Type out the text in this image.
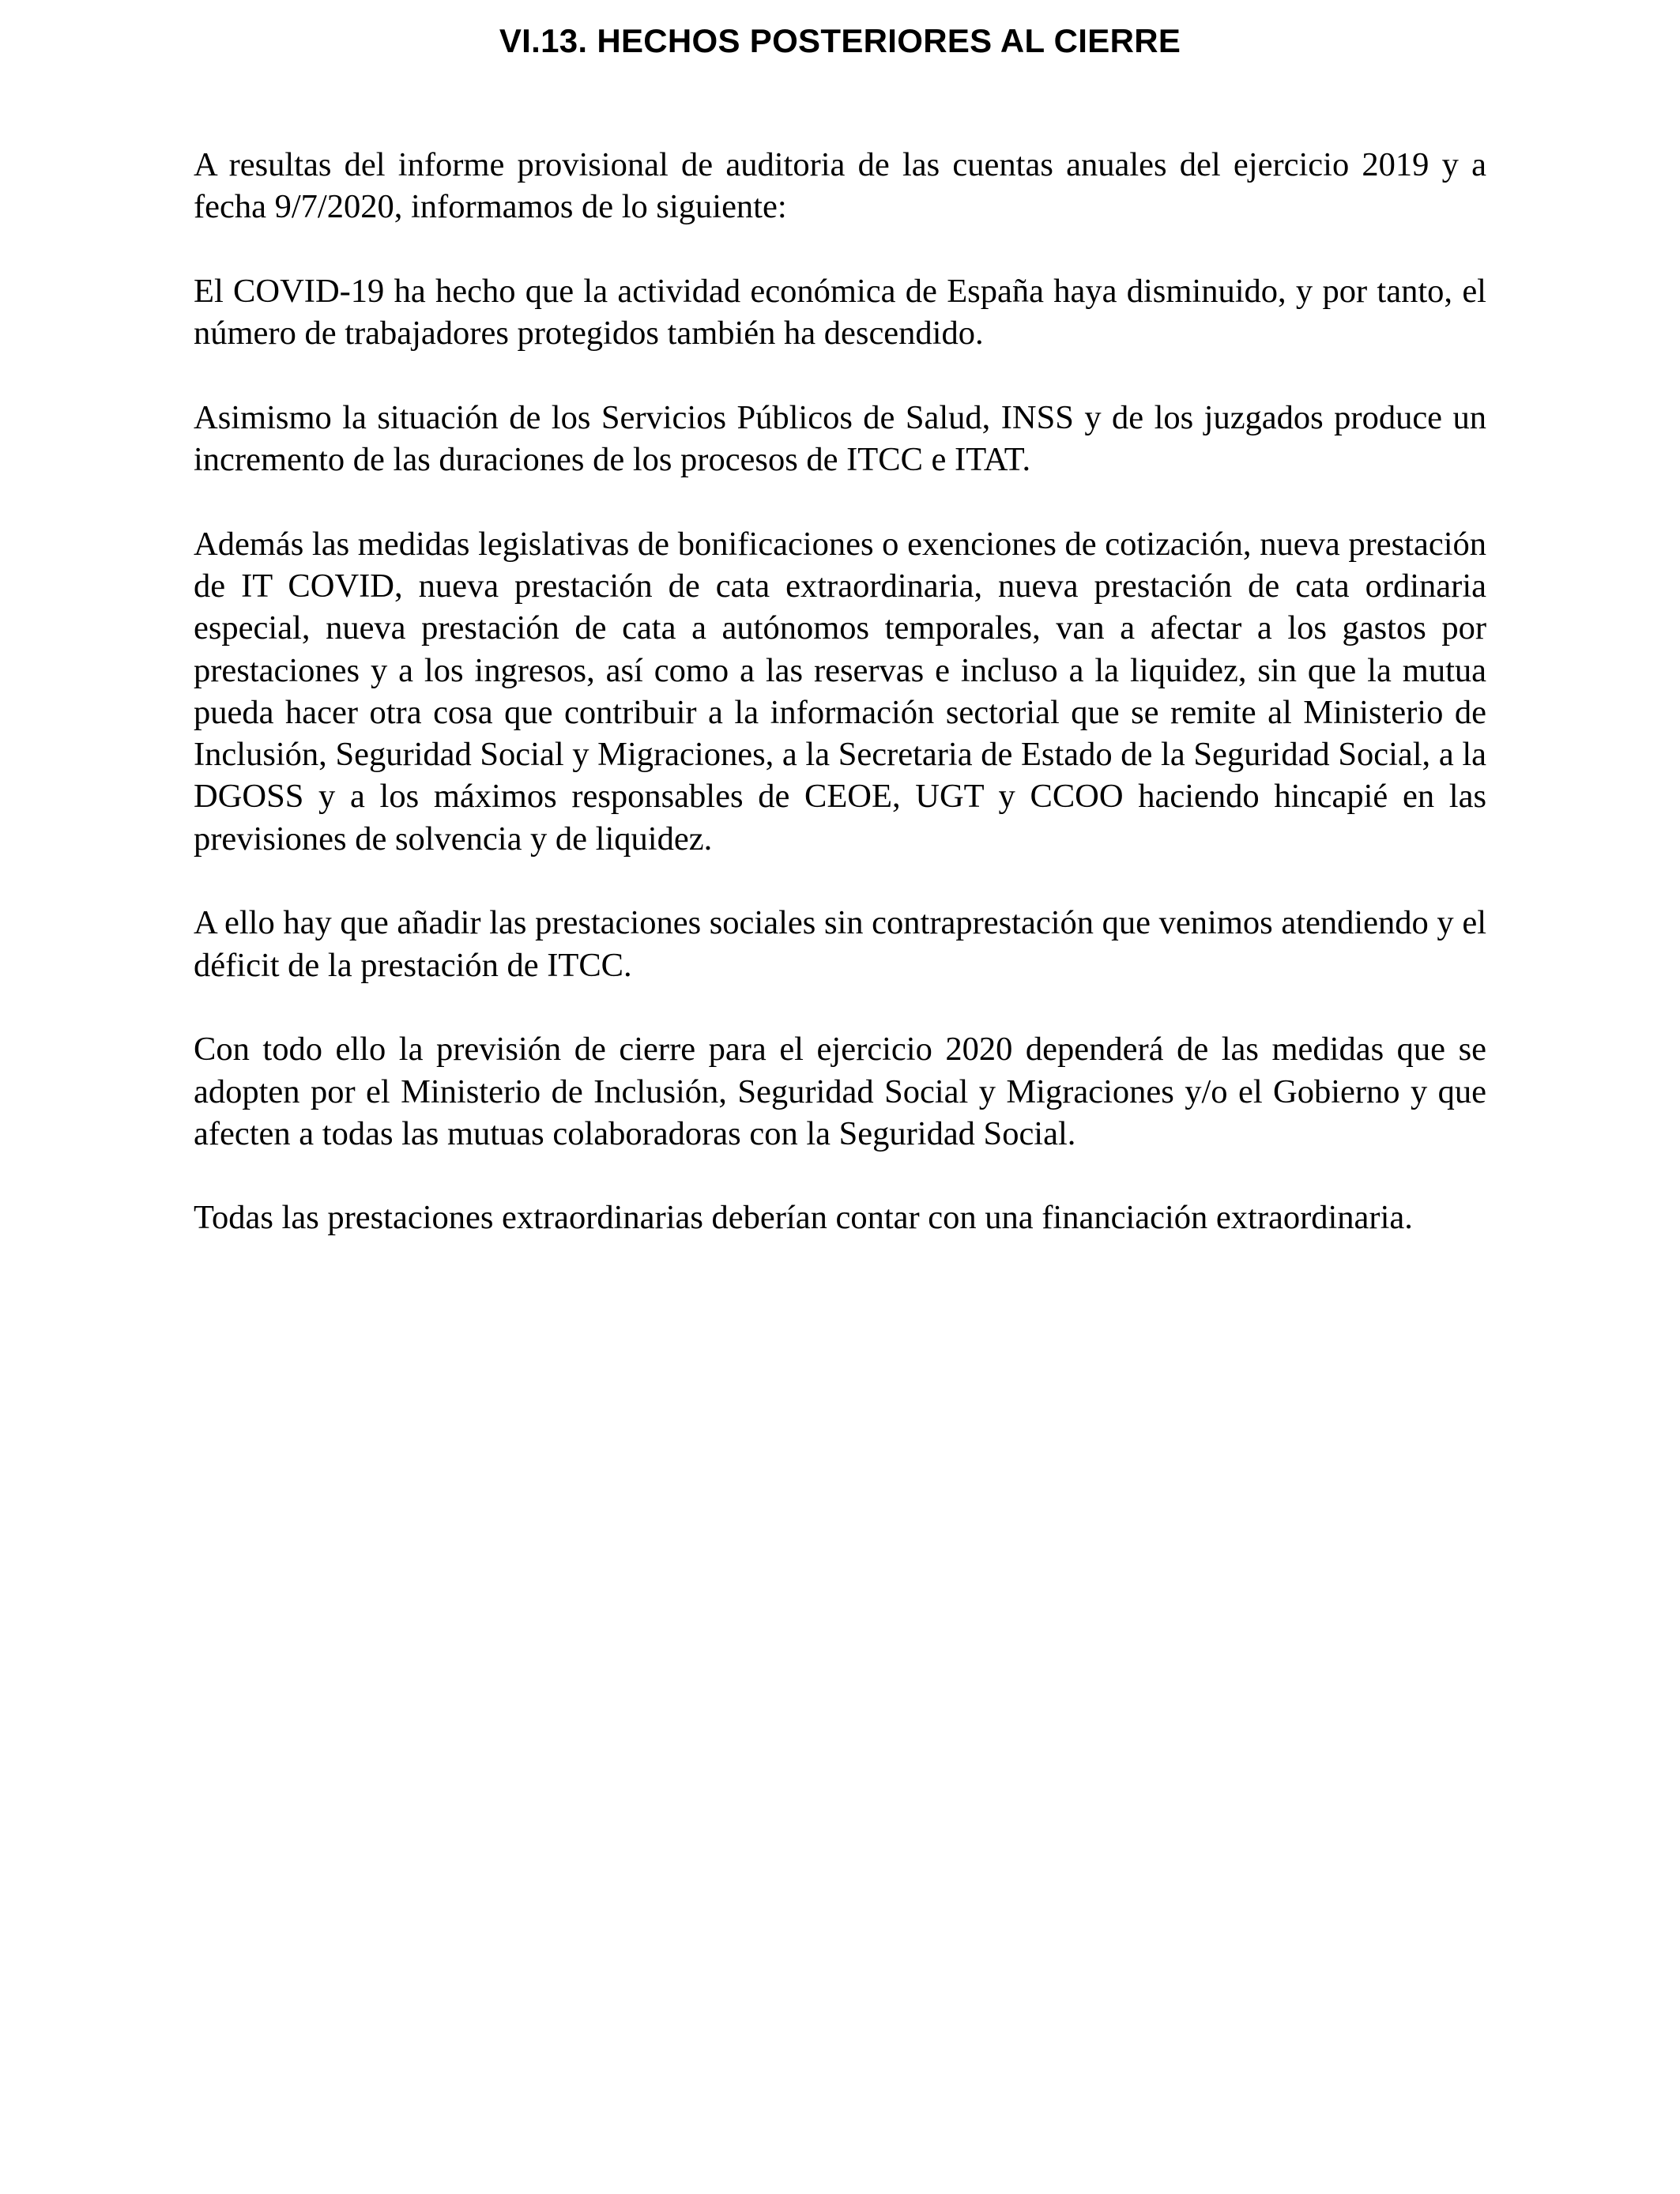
VI.13. HECHOS POSTERIORES AL CIERRE

A resultas del informe provisional de auditoria de las cuentas anuales del ejercicio 2019 y a fecha 9/7/2020, informamos de lo siguiente:

El COVID-19 ha hecho que la actividad económica de España haya disminuido, y por tanto, el número de trabajadores protegidos también ha descendido.

Asimismo la situación de los Servicios Públicos de Salud, INSS y de los juzgados produce un incremento de las duraciones de los procesos de ITCC e ITAT.

Además las medidas legislativas de bonificaciones o exenciones de cotización, nueva prestación de IT COVID, nueva prestación de cata extraordinaria, nueva prestación de cata ordinaria especial, nueva prestación de cata a autónomos temporales, van a afectar a los gastos por prestaciones y a los ingresos, así como a las reservas e incluso a la liquidez, sin que la mutua pueda hacer otra cosa que contribuir a la información sectorial que se remite al Ministerio de Inclusión, Seguridad Social y Migraciones, a la Secretaria de Estado de la Seguridad Social, a la DGOSS y a los máximos responsables de CEOE, UGT y CCOO haciendo hincapié en las previsiones de solvencia y de liquidez.

A ello hay que añadir las prestaciones sociales sin contraprestación que venimos atendiendo y el déficit de la prestación de ITCC.

Con todo ello la previsión de cierre para el ejercicio 2020 dependerá de las medidas que se adopten por el Ministerio de Inclusión, Seguridad Social y Migraciones y/o el Gobierno y que afecten a todas las mutuas colaboradoras con la Seguridad Social.

Todas las prestaciones extraordinarias deberían contar con una financiación extraordinaria.
